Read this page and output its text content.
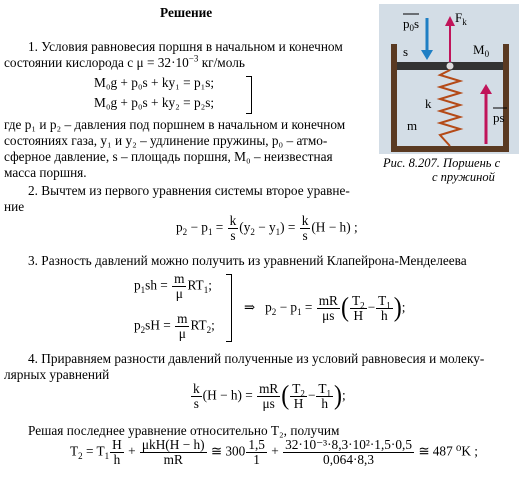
Решение
$p_0s$	$F_k$
s	$M_0$
k
m
ps
Рис. 8.207. Поршень с
с пружиной
1. Условия равновесия поршня в начальном и конечном
состоянии кислорода с $\mu = 32\cdot 10^{-3}$ кг/моль
M₀g + p₀s + ky₁ = p₁s;
M₀g + p₀s + ky₂ = p₂s;
где p₁ и p₂ – давления под поршнем в начальном и конечном
состояниях газа, y₁ и y₂ – удлинение пружины, p₀ – атмо-
сферное давление, s – площадь поршня, M₀ – неизвестная
масса поршня.
2. Вычтем из первого уравнения системы второе уравне-
ние
$p_2 - p_1 = \frac{k}{s} (y_2 - y_1) = \frac{k}{s} (H - h)$ ;
3. Разность давлений можно получить из уравнений Клапейрона-Менделеева
$p_1sh = \frac{m}{\mu} RT_1$;
$p_2sH = \frac{m}{\mu} RT_2$;
⇒   $p_2 - p_1 = \frac{mR}{\mu s}$ ( $\frac{T_2}{H} - \frac{T_1}{h}$ );
4. Приравняем разности давлений полученные из условий равновесия и молеку-
лярных уравнений
$\frac{k}{s} (H - h) = \frac{mR}{\mu s}$ ( $\frac{T_2}{H} - \frac{T_1}{h}$ );
Решая последнее уравнение относительно T₂, получим
$T_2 = T_1 \frac{H}{h} + \frac{\text{μkH(H − h)}}{mR}$ ≅ $300 \frac{1,5}{1} + \frac{\text{32·10⁻³·8,3·10²·1,5·0,5}}{0,064\cdot 8,3}$ ≅ 487 ⁰K ;
